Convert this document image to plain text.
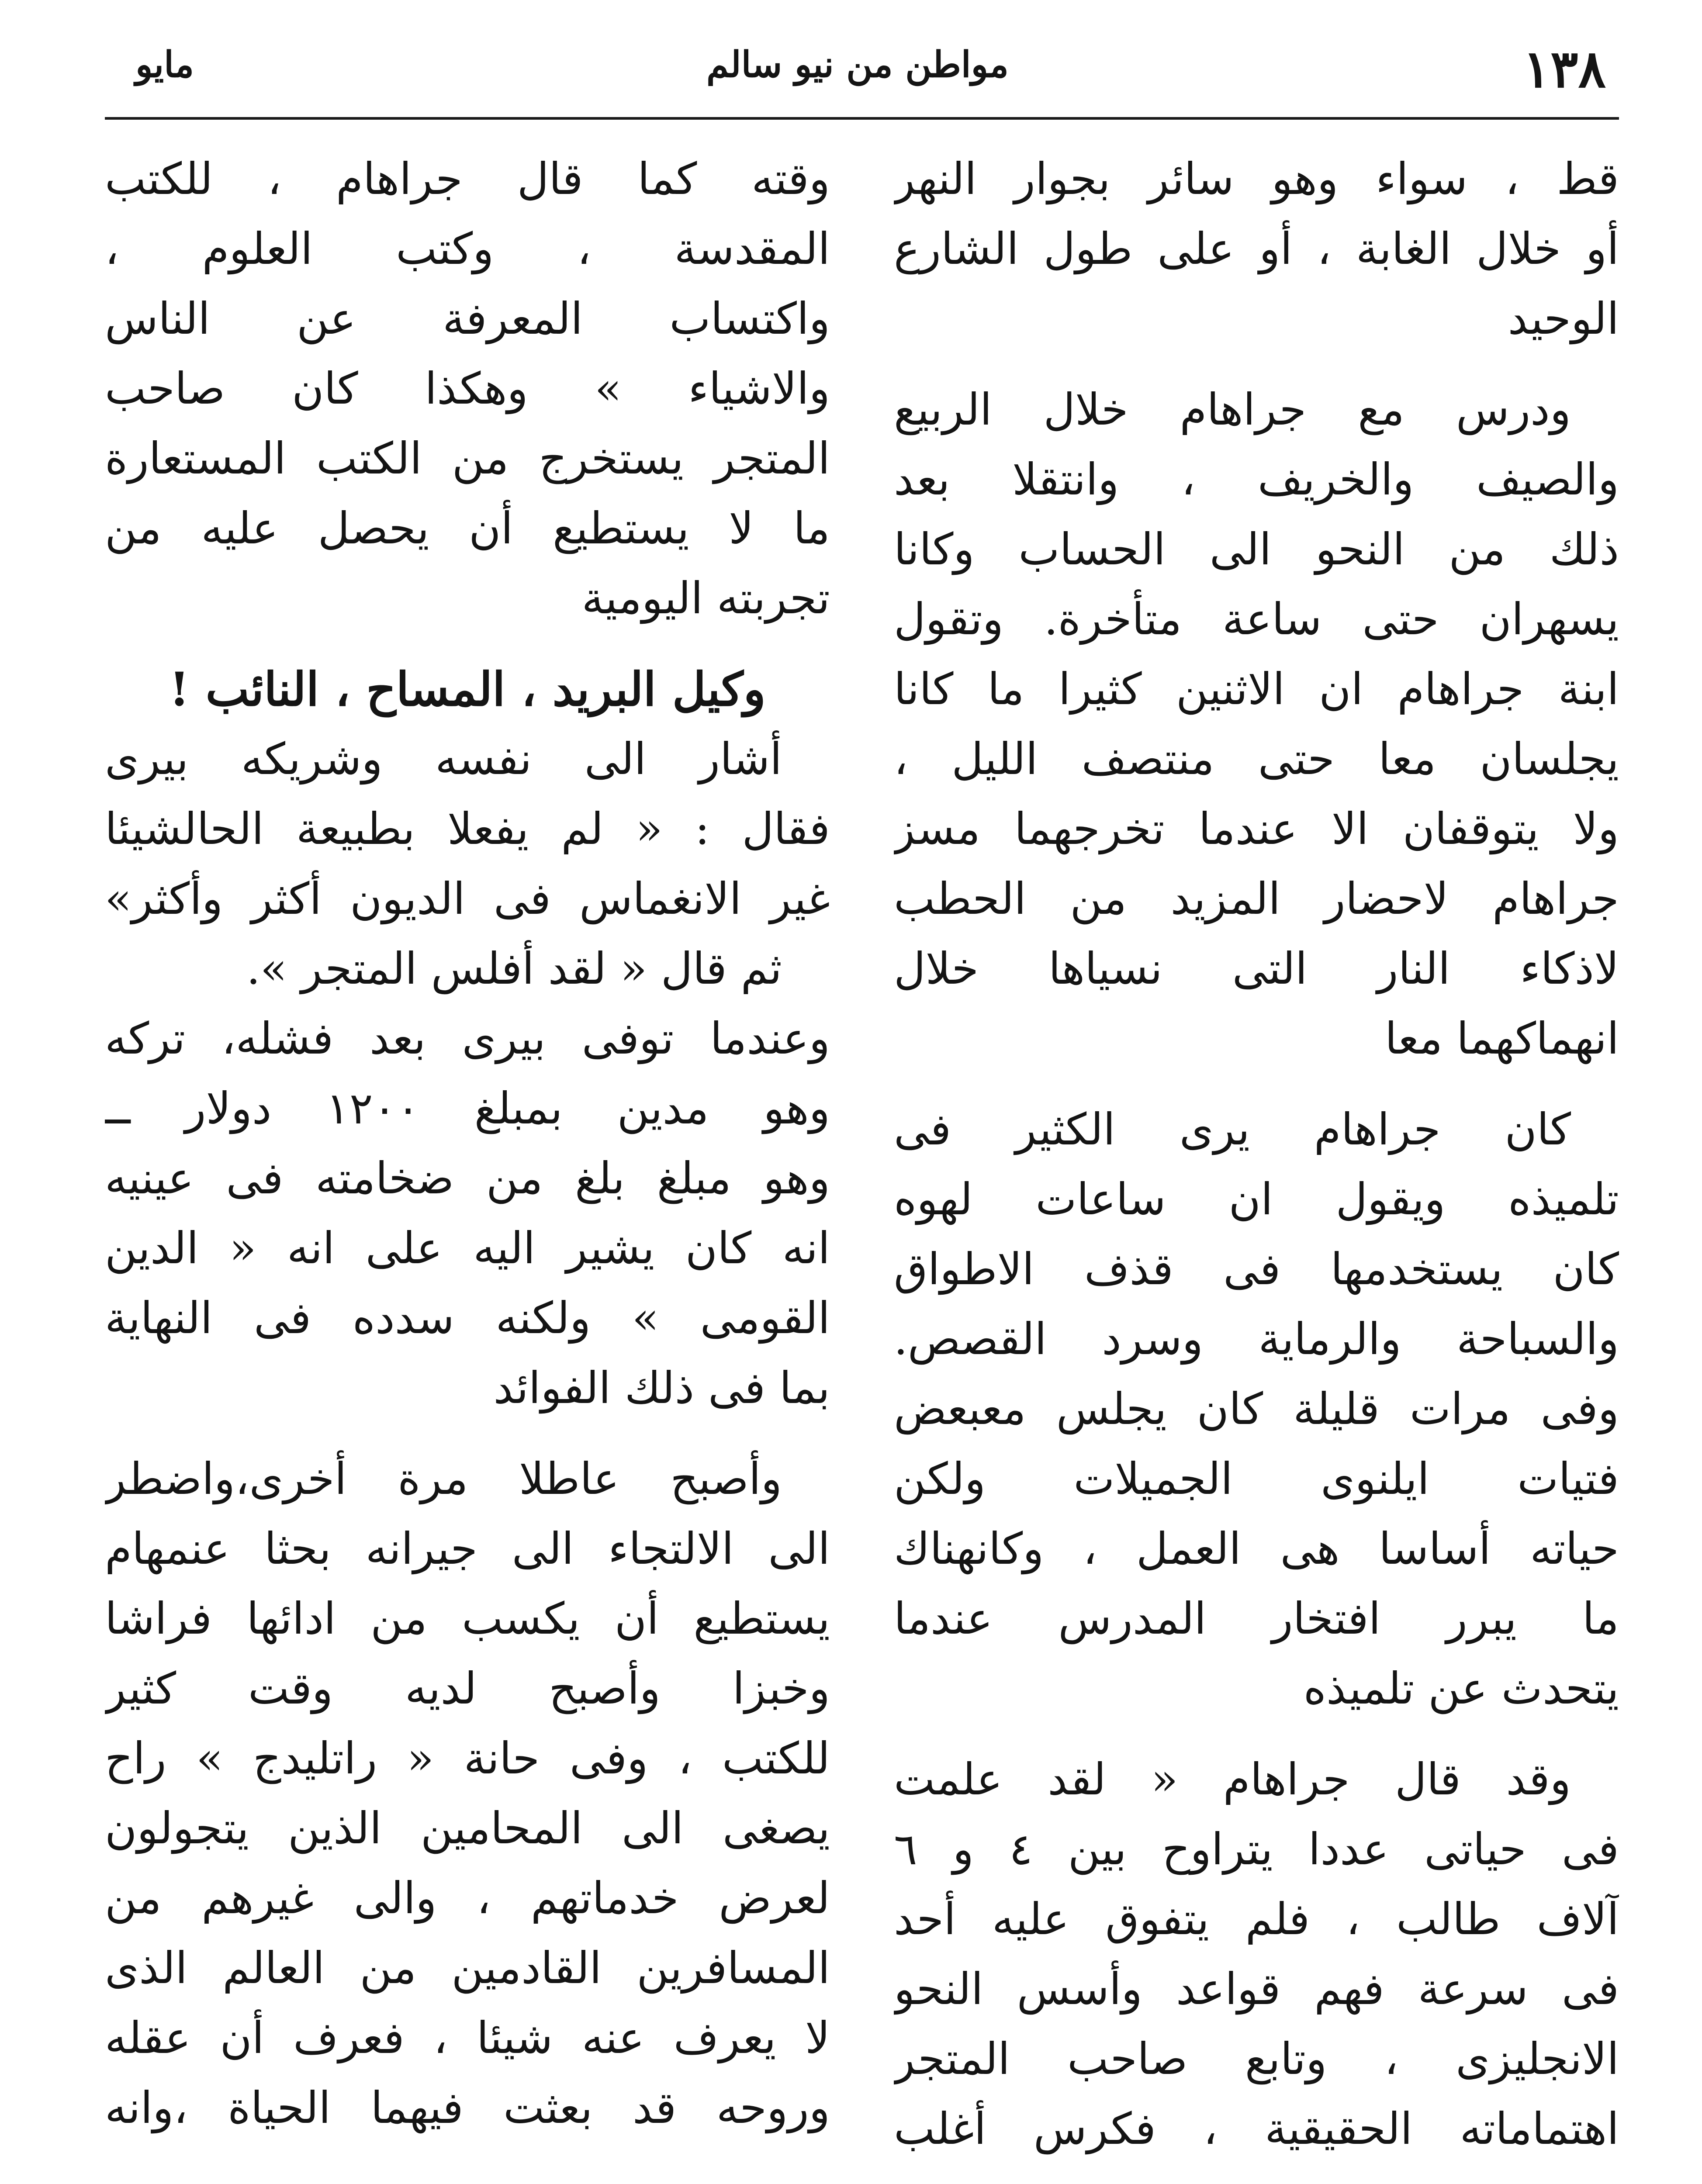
مايو	مواطن من نيو سالم	١٣٨
قط ، سواء وهو سائر بجوار النهر
أو خلال الغابة ، أو على طول الشارع
الوحيد
ودرس مع جراهام خلال الربيع
والصيف والخريف ، وانتقلا بعد
ذلك من النحو الى الحساب وكانا
يسهران حتى ساعة متأخرة. وتقول
ابنة جراهام ان الاثنين كثيرا ما كانا
يجلسان معا حتى منتصف الليل ،
ولا يتوقفان الا عندما تخرجهما مسز
جراهام لاحضار المزيد من الحطب
لاذكاء النار التى نسياها خلال
انهماكهما معا
كان جراهام يرى الكثير فى
تلميذه ويقول ان ساعات لهوه
كان يستخدمها فى قذف الاطواق
والسباحة والرماية وسرد القصص.
وفى مرات قليلة كان يجلس معبعض
فتيات ايلنوى الجميلات ولكن
حياته أساسا هى العمل ، وكانهناك
ما يبرر افتخار المدرس عندما
يتحدث عن تلميذه
وقد قال جراهام « لقد علمت
فى حياتى عددا يتراوح بين ٤ و ٦
آلاف طالب ، فلم يتفوق عليه أحد
فى سرعة فهم قواعد وأسس النحو
الانجليزى ، وتابع صاحب المتجر
اهتماماته الحقيقية ، فكرس أغلب
وقته كما قال جراهام ، للكتب
المقدسة ، وكتب العلوم ،
واكتساب المعرفة عن الناس
والاشياء » وهكذا كان صاحب
المتجر يستخرج من الكتب المستعارة
ما لا يستطيع أن يحصل عليه من
تجربته اليومية
وكيل البريد ، المساح ، النائب !
أشار الى نفسه وشريكه بيرى
فقال : « لم يفعلا بطبيعة الحالشيئا
غير الانغماس فى الديون أكثر وأكثر»
ثم قال « لقد أفلس المتجر ».
وعندما توفى بيرى بعد فشله، تركه
وهو مدين بمبلغ ١٢٠٠ دولار ــ
وهو مبلغ بلغ من ضخامته فى عينيه
انه كان يشير اليه على انه « الدين
القومى » ولكنه سدده فى النهاية
بما فى ذلك الفوائد
وأصبح عاطلا مرة أخرى،واضطر
الى الالتجاء الى جيرانه بحثا عنمهام
يستطيع أن يكسب من ادائها فراشا
وخبزا وأصبح لديه وقت كثير
للكتب ، وفى حانة « راتليدج » راح
يصغى الى المحامين الذين يتجولون
لعرض خدماتهم ، والى غيرهم من
المسافرين القادمين من العالم الذى
لا يعرف عنه شيئا ، فعرف أن عقله
وروحه قد بعثت فيهما الحياة ،وانه
